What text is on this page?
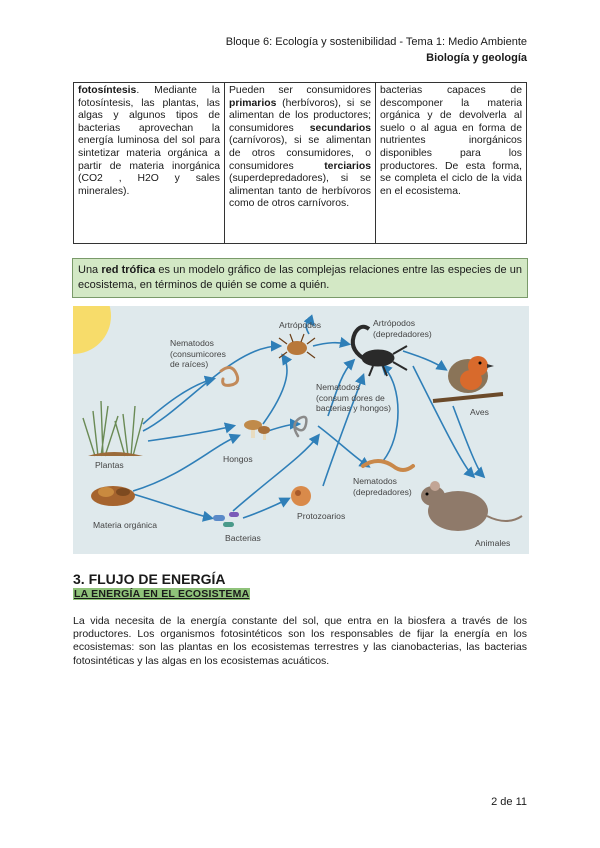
Bloque 6: Ecología y sostenibilidad - Tema 1: Medio Ambiente
Biología y geología
fotosíntesis. Mediante la fotosíntesis, las plantas, las algas y algunos tipos de bacterias aprovechan la energía luminosa del sol para sintetizar materia orgánica a partir de materia inorgánica (CO2 , H2O y sales minerales).	Pueden ser consumidores primarios (herbívoros), si se alimentan de los productores; consumidores secundarios (carnívoros), si se alimentan de otros consumidores, o consumidores terciarios (superdepredadores), si se alimentan tanto de herbívoros como de otros carnívoros.	bacterias capaces de descomponer la materia orgánica y de devolverla al suelo o al agua en forma de nutrientes inorgánicos disponibles para los productores. De esta forma, se completa el ciclo de la vida en el ecosistema.
Una red trófica es un modelo gráfico de las complejas relaciones entre las especies de un ecosistema, en términos de quién se come a quién.
Nematodos
(consumicores
de raíces)
Artrópodos	Artrópodos
(depredadores)
Nematodos
(consum dores de
bacterias y hongos)	Aves
Plantas
Hongos
Nematodos
(depredadores)
Materia orgánica
Protozoarios
Bacterias	Animales
3. FLUJO DE ENERGÍA
LA ENERGÍA EN EL ECOSISTEMA
La vida necesita de la energía constante del sol, que entra en la biosfera a través de los productores. Los organismos fotosintéticos son los responsables de fijar la energía en los ecosistemas: son las plantas en los ecosistemas terrestres y las cianobacterias, las bacterias fotosintéticas y las algas en los ecosistemas acuáticos.
2 de 11
